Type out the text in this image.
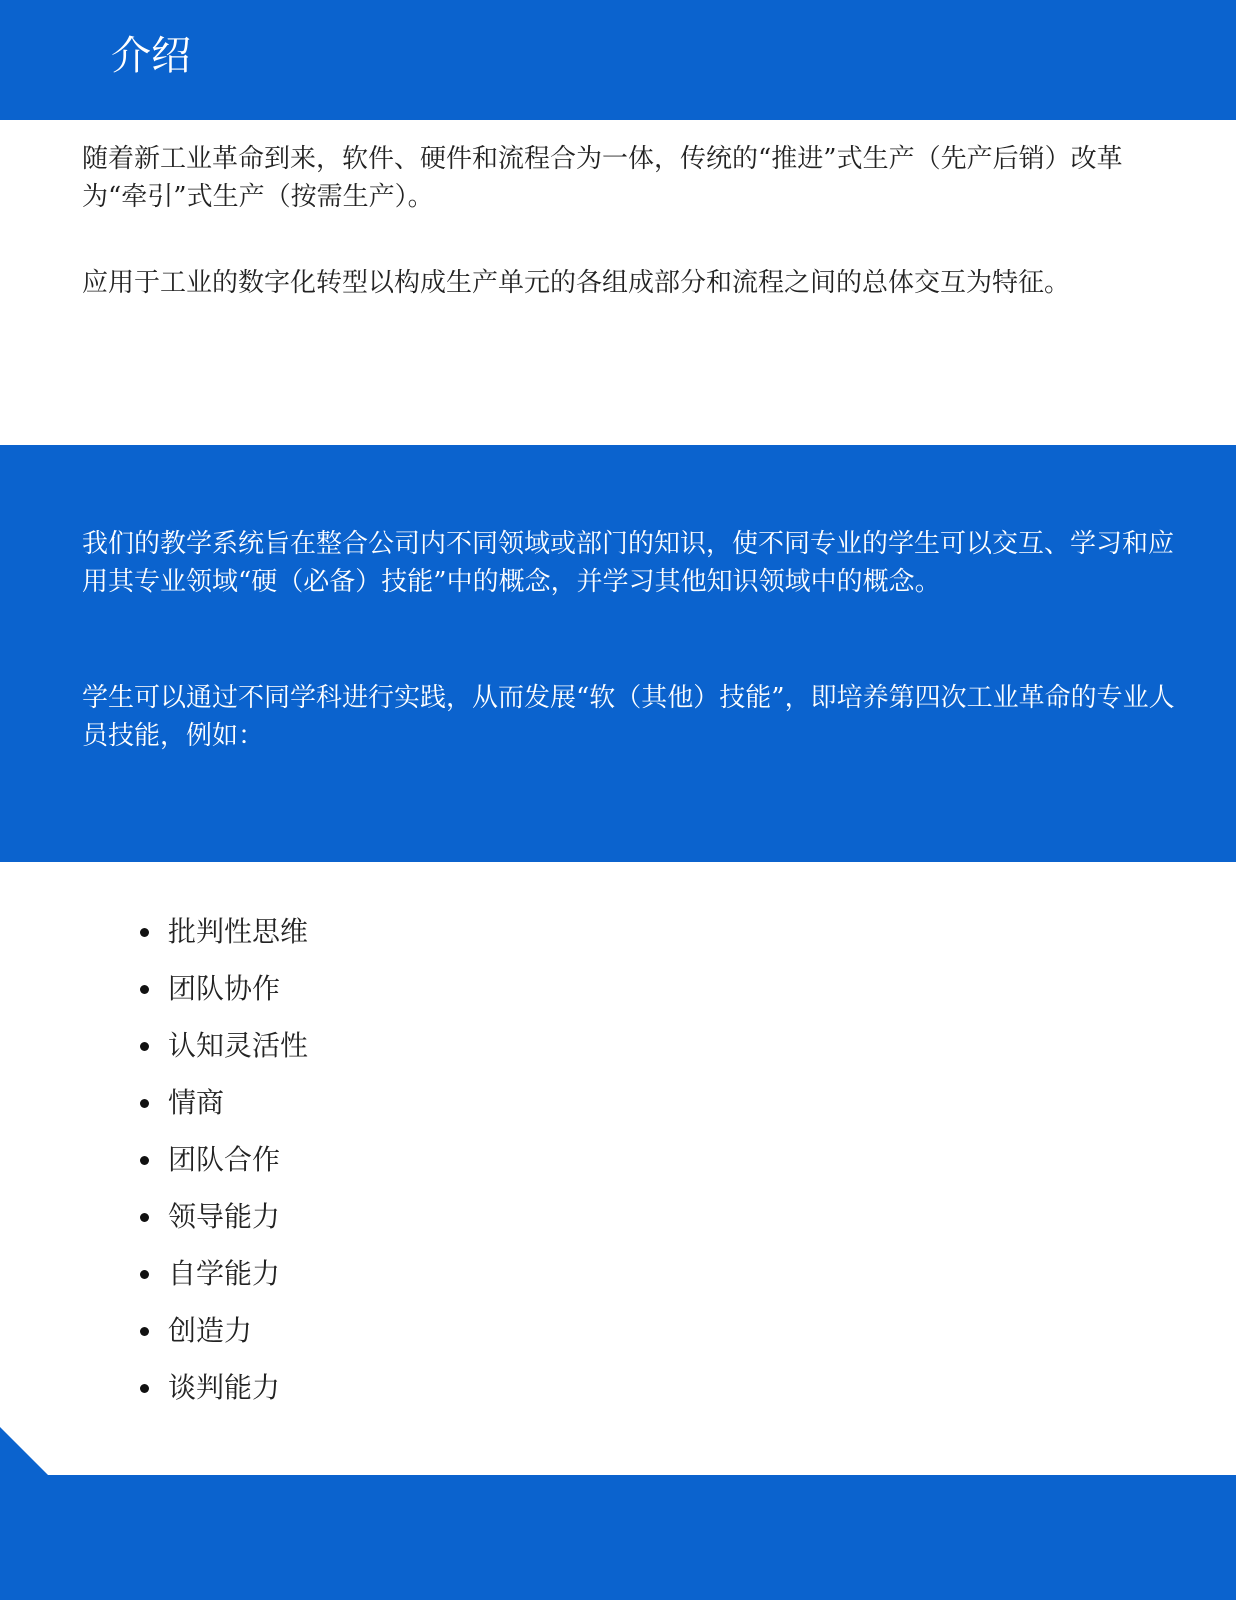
介绍

随着新工业革命到来，软件、硬件和流程合为一体，传统的“推进”式生产（先产后销）改革为“牵引”式生产（按需生产）。

应用于工业的数字化转型以构成生产单元的各组成部分和流程之间的总体交互为特征。

我们的教学系统旨在整合公司内不同领域或部门的知识，使不同专业的学生可以交互、学习和应用其专业领域“硬（必备）技能”中的概念，并学习其他知识领域中的概念。

学生可以通过不同学科进行实践，从而发展“软（其他）技能”，即培养第四次工业革命的专业人员技能，例如：

批判性思维
团队协作
认知灵活性
情商
团队合作
领导能力
自学能力
创造力
谈判能力
